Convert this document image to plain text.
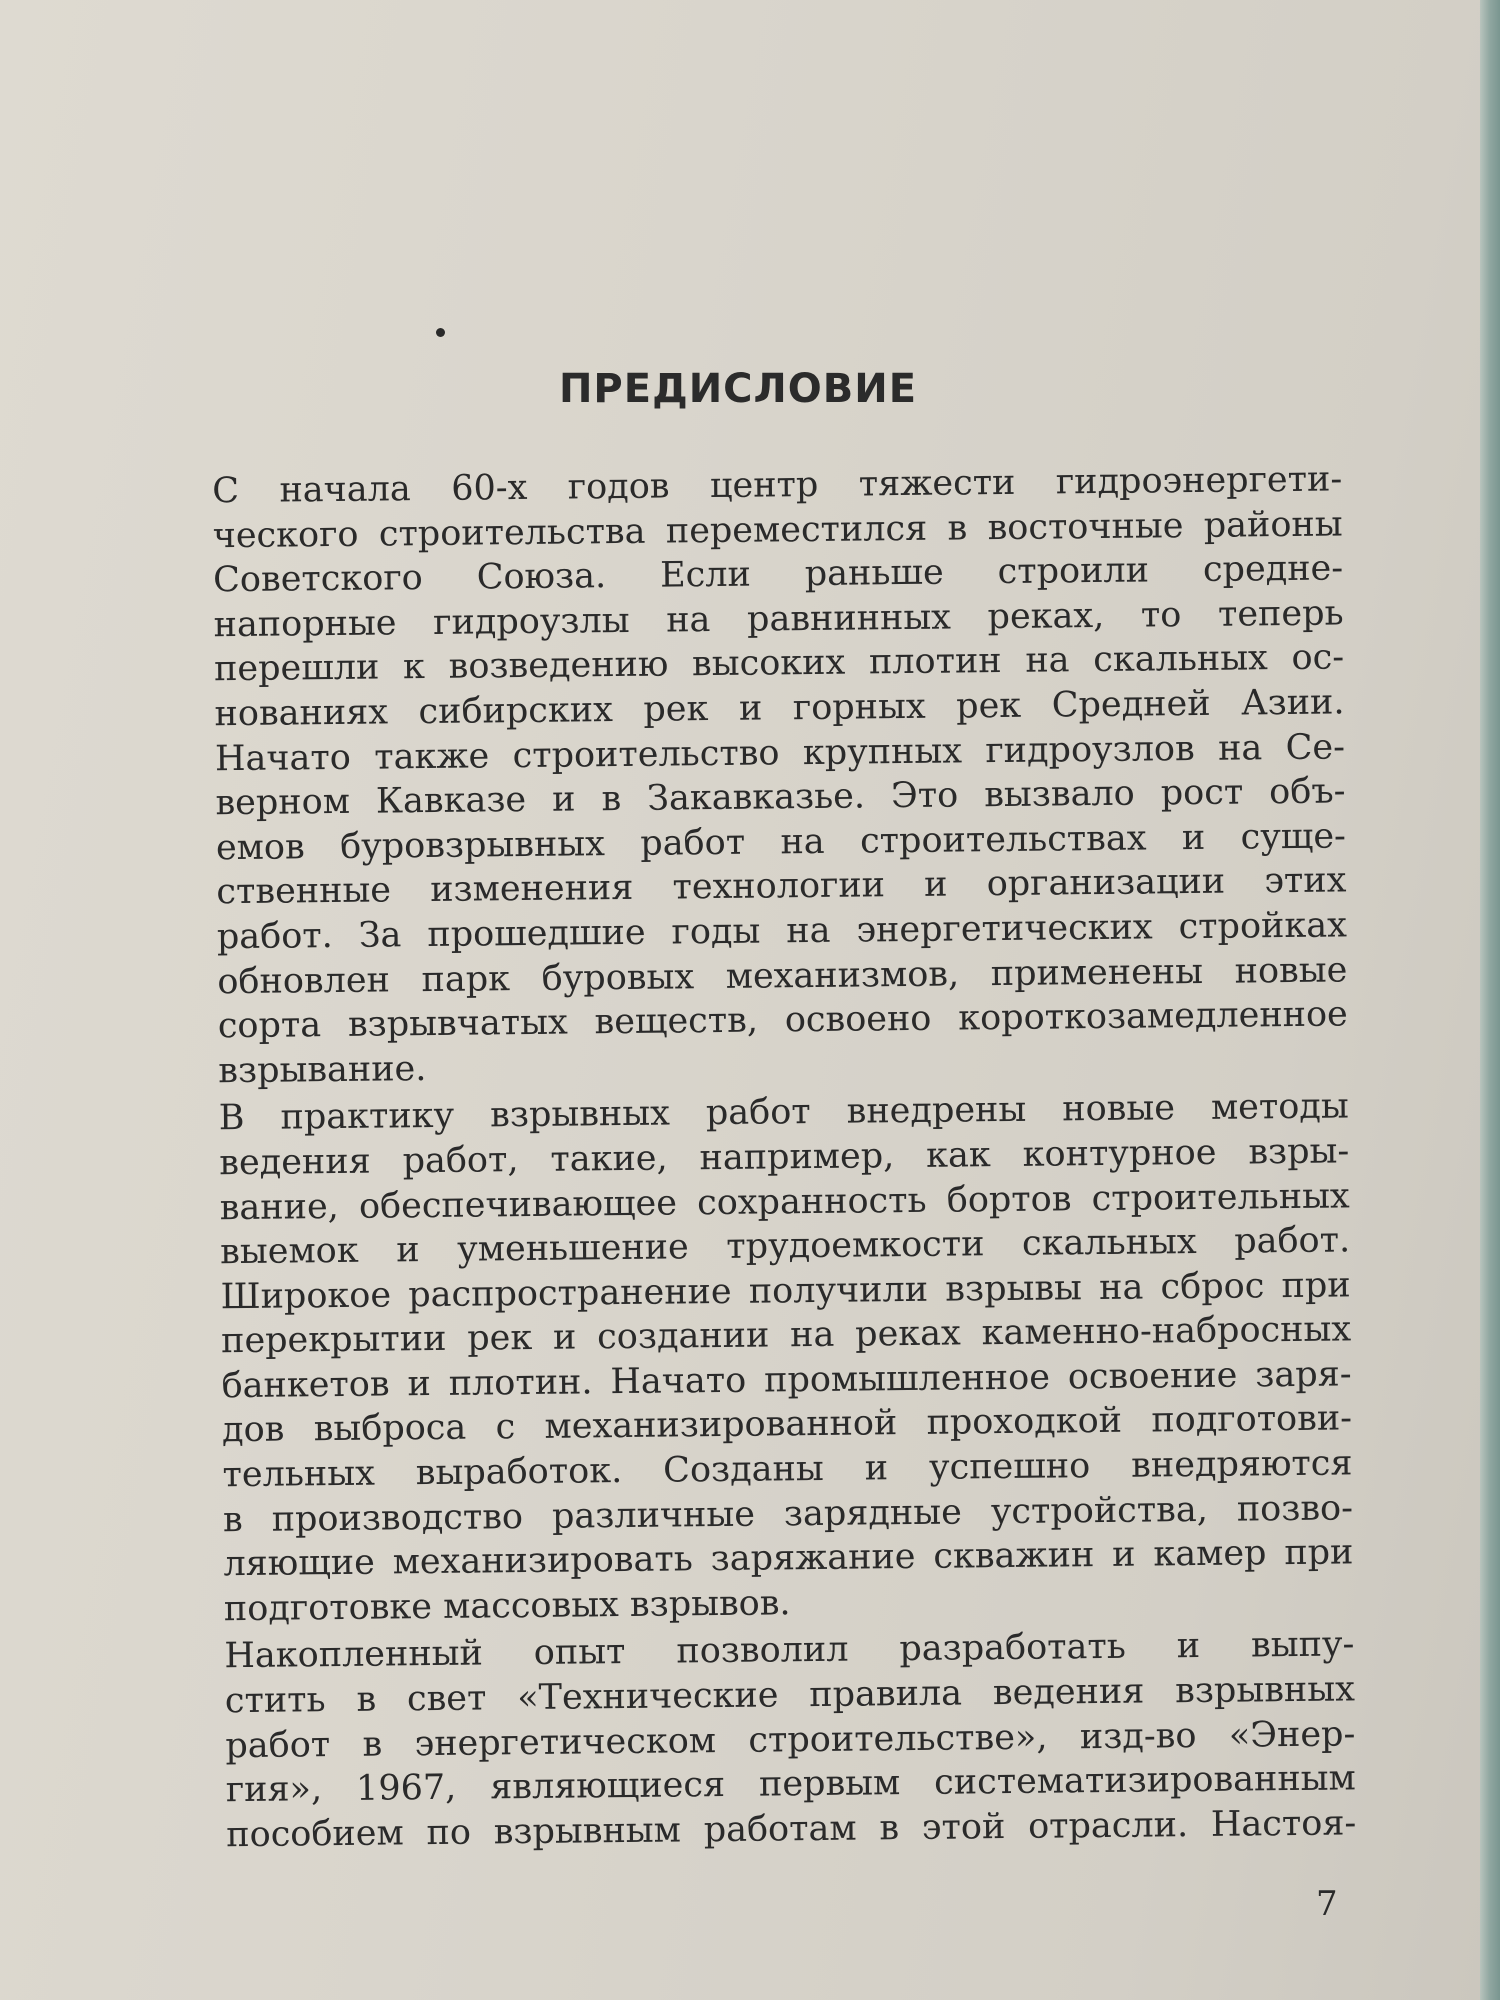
ПРЕДИСЛОВИЕ

С начала 60-х годов центр тяжести гидроэнергети-
ческого строительства переместился в восточные районы
Советского Союза. Если раньше строили средне-
напорные гидроузлы на равнинных реках, то теперь
перешли к возведению высоких плотин на скальных ос-
нованиях сибирских рек и горных рек Средней Азии.
Начато также строительство крупных гидроузлов на Се-
верном Кавказе и в Закавказье. Это вызвало рост объ-
емов буровзрывных работ на строительствах и суще-
ственные изменения технологии и организации этих
работ. За прошедшие годы на энергетических стройках
обновлен парк буровых механизмов, применены новые
сорта взрывчатых веществ, освоено короткозамедленное
взрывание.

В практику взрывных работ внедрены новые методы
ведения работ, такие, например, как контурное взры-
вание, обеспечивающее сохранность бортов строительных
выемок и уменьшение трудоемкости скальных работ.
Широкое распространение получили взрывы на сброс при
перекрытии рек и создании на реках каменно-набросных
банкетов и плотин. Начато промышленное освоение заря-
дов выброса с механизированной проходкой подготови-
тельных выработок. Созданы и успешно внедряются
в производство различные зарядные устройства, позво-
ляющие механизировать заряжание скважин и камер при
подготовке массовых взрывов.

Накопленный опыт позволил разработать и выпу-
стить в свет «Технические правила ведения взрывных
работ в энергетическом строительстве», изд-во «Энер-
гия», 1967, являющиеся первым систематизированным
пособием по взрывным работам в этой отрасли. Настоя-

7
